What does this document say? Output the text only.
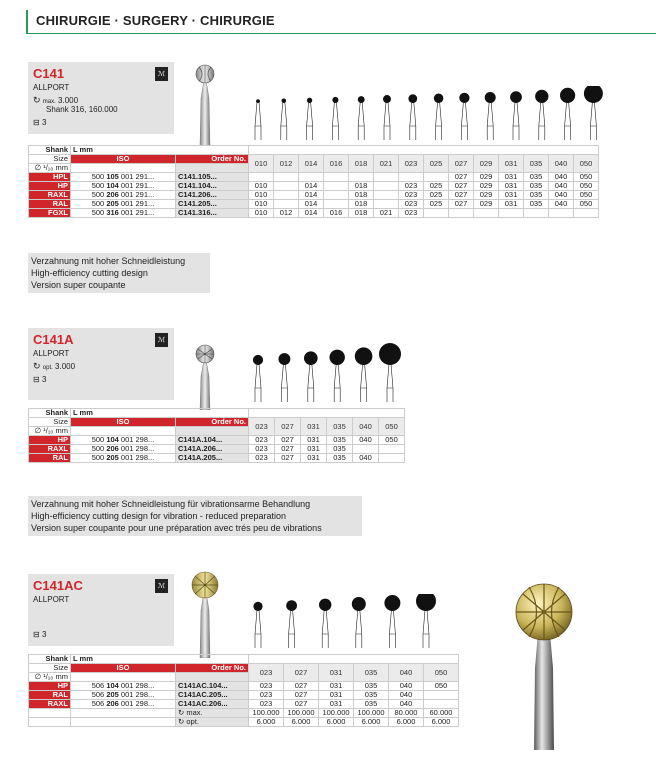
CHIRURGIE · SURGERY · CHIRURGIE
C141	ℳ
ALLPORT
↻ max. 3.000
Shank 316, 160.000
⊟ 3
Shank	L mm															
Size	ISO	Order No.	010	012	014	016	018	021	023	025	027	029	031	035	040	050
∅ ¹/₁₀ mm																
HPL	500 105 001 291...	C141.105...									027	029	031	035	040	050
HP	500 104 001 291...	C141.104...	010		014		018		023	025	027	029	031	035	040	050
RAXL	500 206 001 291...	C141.206...	010		014		018		023	025	027	029	031	035	040	050
RAL	500 205 001 291...	C141.205...	010		014		018		023	025	027	029	031	035	040	050
FGXL	500 316 001 291...	C141.316...	010	012	014	016	018	021	023							
Verzahnung mit hoher Schneidleistung
High-efficiency cutting design
Version super coupante
C141A	ℳ
ALLPORT
↻ opt. 3.000
⊟ 3
Shank	L mm							
Size	ISO	Order No.	023	027	031	035	040	050
∅ ¹/₁₀ mm								
HP	500 104 001 298...	C141A.104...	023	027	031	035	040	050
RAXL	500 206 001 298...	C141A.206...	023	027	031	035		
RAL	500 205 001 298...	C141A.205...	023	027	031	035	040	
Verzahnung mit hoher Schneidleistung für vibrationsarme Behandlung
High-efficiency cutting design for vibration - reduced preparation
Version super coupante pour une préparation avec trés peu de vibrations
C141AC	ℳ
ALLPORT
⊟ 3
Shank	L mm							
Size	ISO	Order No.	023	027	031	035	040	050
∅ ¹/₁₀ mm								
HP	506 104 001 298...	C141AC.104...	023	027	031	035	040	050
RAL	506 205 001 298...	C141AC.205...	023	027	031	035	040	
RAXL	506 206 001 298...	C141AC.206...	023	027	031	035	040	
		↻ max.	100.000	100.000	100.000	100.000	80.000	60.000
		↻ opt.	6.000	6.000	6.000	6.000	6.000	6.000
